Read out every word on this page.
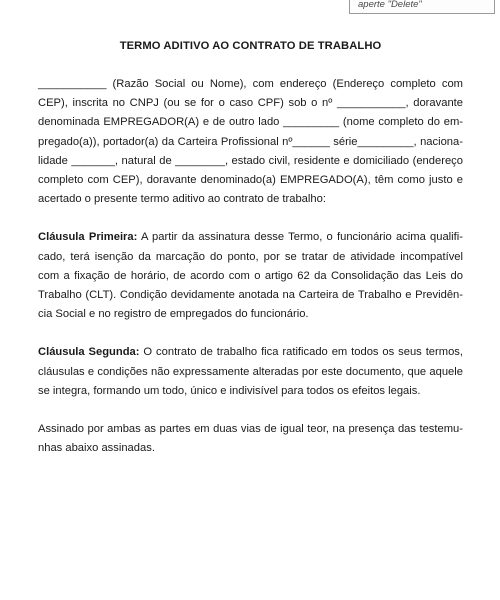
aperte "Delete"
TERMO ADITIVO AO CONTRATO DE TRABALHO

___________ (Razão Social ou Nome), com endereço (Endereço completo com CEP), inscrita no CNPJ (ou se for o caso CPF) sob o nº ___________, doravante denominada EMPREGADOR(A) e de outro lado _________ (nome completo do empregado(a)), portador(a) da Carteira Profissional nº______ série_________, nacionalidade _______, natural de ________, estado civil, residente e domiciliado (endereço completo com CEP), doravante denominado(a) EMPREGADO(A), têm como justo e acertado o presente termo aditivo ao contrato de trabalho:

Cláusula Primeira: A partir da assinatura desse Termo, o funcionário acima qualificado, terá isenção da marcação do ponto, por se tratar de atividade incompatível com a fixação de horário, de acordo com o artigo 62 da Consolidação das Leis do Trabalho (CLT). Condição devidamente anotada na Carteira de Trabalho e Previdência Social e no registro de empregados do funcionário.

Cláusula Segunda: O contrato de trabalho fica ratificado em todos os seus termos, cláusulas e condições não expressamente alteradas por este documento, que aquele se integra, formando um todo, único e indivisível para todos os efeitos legais.

Assinado por ambas as partes em duas vias de igual teor, na presença das testemunhas abaixo assinadas.
